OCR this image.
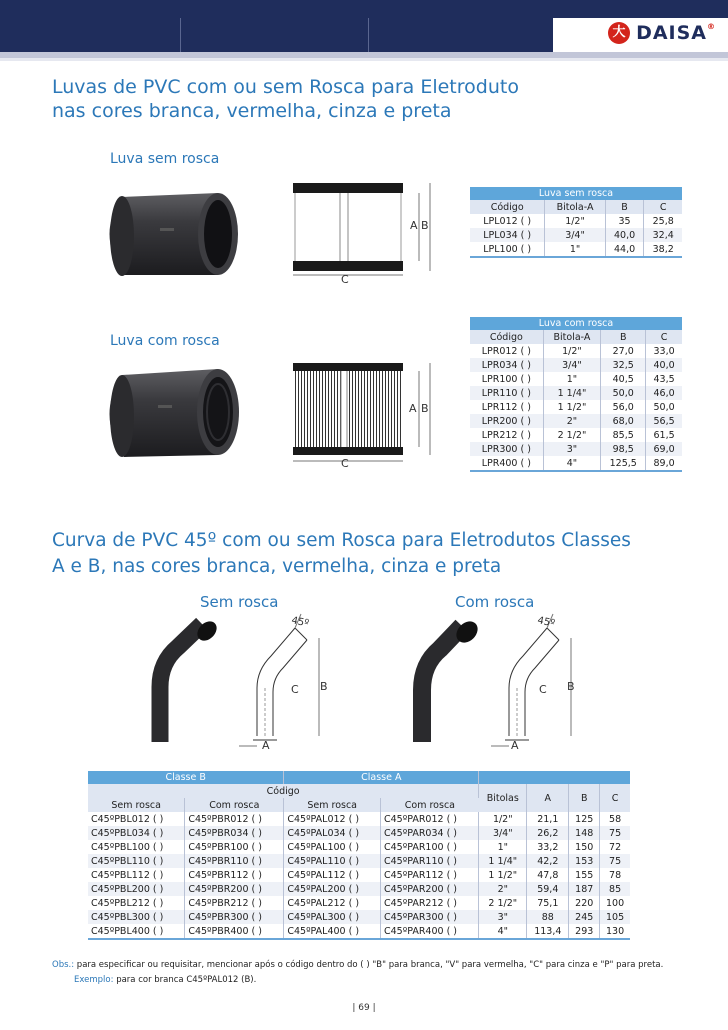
大 DAISA®
Luvas de PVC com ou sem Rosca para Eletroduto
nas cores branca, vermelha, cinza e preta
Luva sem rosca
C
A B
Luva sem rosca			
Código	Bitola-A	B	C
LPL012 ( )	1/2"	35	25,8
LPL034 ( )	3/4"	40,0	32,4
LPL100 ( )	1"	44,0	38,2
Luva com rosca
C
A B
Luva com rosca			
Código	Bitola-A	B	C
LPR012 ( )	1/2"	27,0	33,0
LPR034 ( )	3/4"	32,5	40,0
LPR100 ( )	1"	40,5	43,5
LPR110 ( )	1 1/4"	50,0	46,0
LPR112 ( )	1 1/2"	56,0	50,0
LPR200 ( )	2"	68,0	56,5
LPR212 ( )	2 1/2"	85,5	61,5
LPR300 ( )	3"	98,5	69,0
LPR400 ( )	4"	125,5	89,0
Curva de PVC 45º com ou sem Rosca para Eletrodutos Classes
A e B, nas cores branca, vermelha, cinza e preta
Sem rosca	Com rosca
45º
C B
A
45º
C B
A
Classe B		Classe A					
Código				Bitolas	A	B	C
Sem rosca	Com rosca	Sem rosca	Com rosca				
C45ºPBL012 ( )	C45ºPBR012 ( )	C45ºPAL012 ( )	C45ºPAR012 ( )	1/2"	21,1	125	58
C45ºPBL034 ( )	C45ºPBR034 ( )	C45ºPAL034 ( )	C45ºPAR034 ( )	3/4"	26,2	148	75
C45ºPBL100 ( )	C45ºPBR100 ( )	C45ºPAL100 ( )	C45ºPAR100 ( )	1"	33,2	150	72
C45ºPBL110 ( )	C45ºPBR110 ( )	C45ºPAL110 ( )	C45ºPAR110 ( )	1 1/4"	42,2	153	75
C45ºPBL112 ( )	C45ºPBR112 ( )	C45ºPAL112 ( )	C45ºPAR112 ( )	1 1/2"	47,8	155	78
C45ºPBL200 ( )	C45ºPBR200 ( )	C45ºPAL200 ( )	C45ºPAR200 ( )	2"	59,4	187	85
C45ºPBL212 ( )	C45ºPBR212 ( )	C45ºPAL212 ( )	C45ºPAR212 ( )	2 1/2"	75,1	220	100
C45ºPBL300 ( )	C45ºPBR300 ( )	C45ºPAL300 ( )	C45ºPAR300 ( )	3"	88	245	105
C45ºPBL400 ( )	C45ºPBR400 ( )	C45ºPAL400 ( )	C45ºPAR400 ( )	4"	113,4	293	130
Obs.: para especificar ou requisitar, mencionar após o código dentro do ( ) "B" para branca, "V" para vermelha, "C" para cinza e "P" para preta.
Exemplo: para cor branca C45ºPAL012 (B).
| 69 |
